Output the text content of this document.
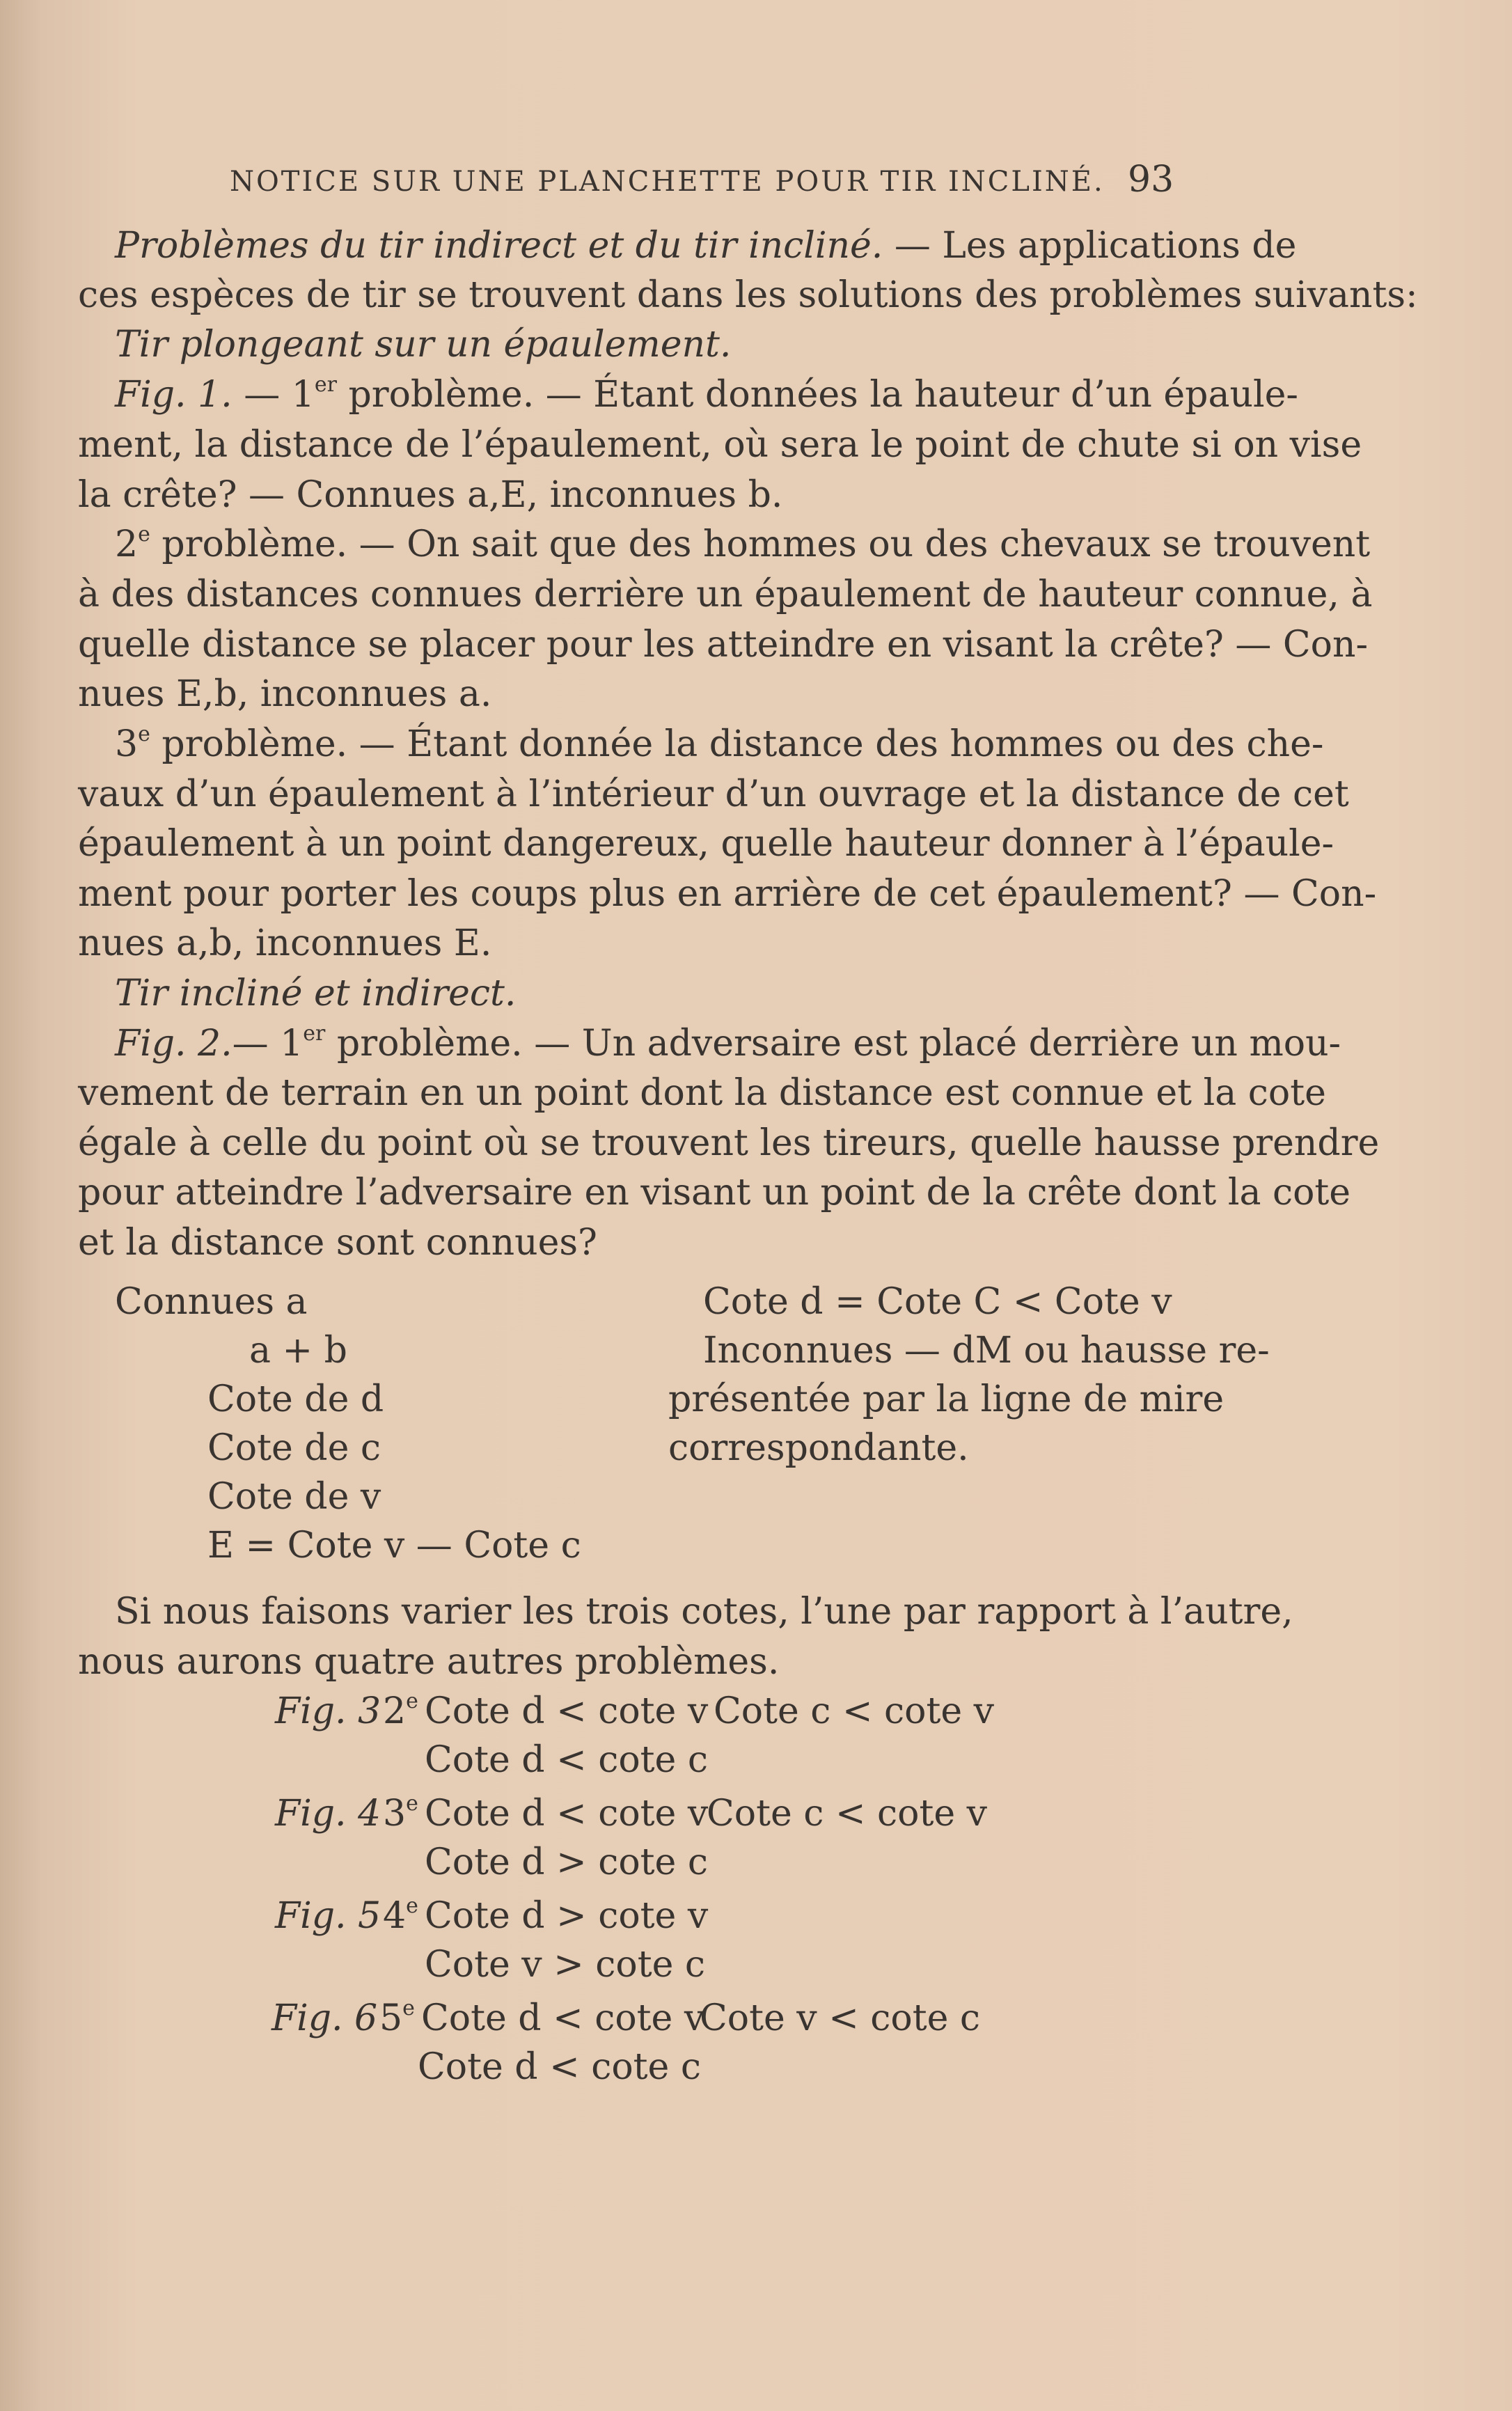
NOTICE SUR UNE PLANCHETTE POUR TIR INCLINÉ. 93
Problèmes du tir indirect et du tir incliné. — Les applications de
ces espèces de tir se trouvent dans les solutions des problèmes suivants:
Tir plongeant sur un épaulement.
Fig. 1. — 1er problème. — Étant données la hauteur d’un épaule-
ment, la distance de l’épaulement, où sera le point de chute si on vise
la crête? — Connues a,E, inconnues b.
2e problème. — On sait que des hommes ou des chevaux se trouvent
à des distances connues derrière un épaulement de hauteur connue, à
quelle distance se placer pour les atteindre en visant la crête? — Con-
nues E,b, inconnues a.
3e problème. — Étant donnée la distance des hommes ou des che-
vaux d’un épaulement à l’intérieur d’un ouvrage et la distance de cet
épaulement à un point dangereux, quelle hauteur donner à l’épaule-
ment pour porter les coups plus en arrière de cet épaulement? — Con-
nues a,b, inconnues E.
Tir incliné et indirect.
Fig. 2.— 1er problème. — Un adversaire est placé derrière un mou-
vement de terrain en un point dont la distance est connue et la cote
égale à celle du point où se trouvent les tireurs, quelle hausse prendre
pour atteindre l’adversaire en visant un point de la crête dont la cote
et la distance sont connues?
Connues a
a + b
Cote de d
Cote de c
Cote de v
E = Cote v — Cote c
Cote d = Cote C < Cote v
Inconnues — dM ou hausse re-
présentée par la ligne de mire
correspondante.
Si nous faisons varier les trois cotes, l’une par rapport à l’autre,
nous aurons quatre autres problèmes.
Fig. 3 2e Cote d < cote v Cote c < cote v
Cote d < cote c
Fig. 4 3e Cote d < cote v
Cote c < cote v
Cote d > cote c
Fig. 5 4e Cote d > cote v
Cote v > cote c
Fig. 6 5e Cote d < cote v
Cote v < cote c
Cote d < cote c
